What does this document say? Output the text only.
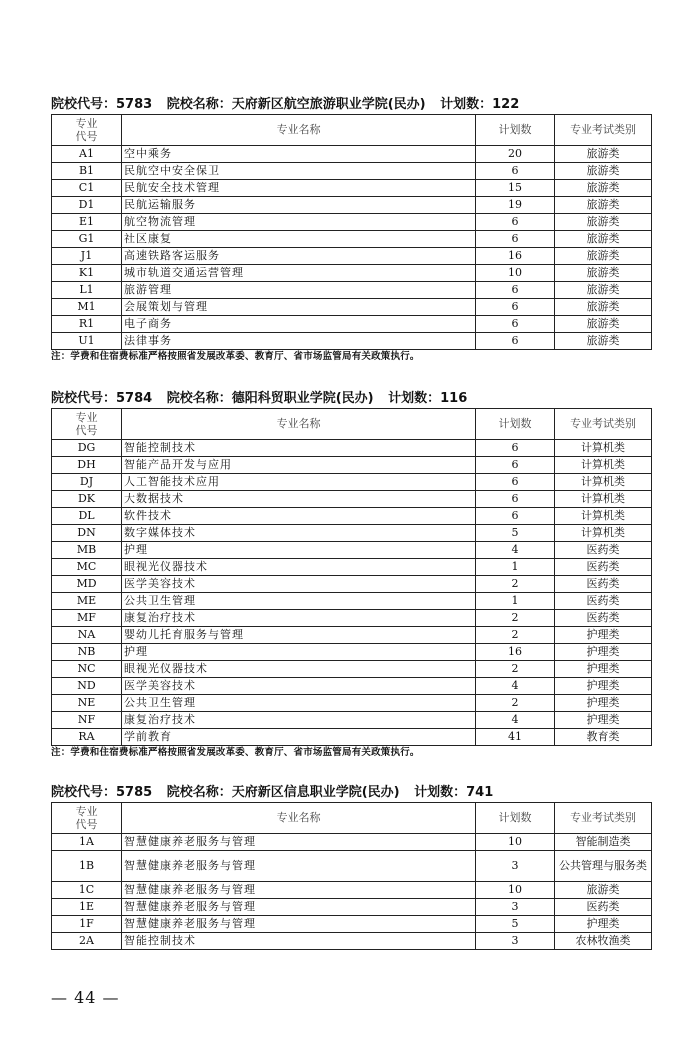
院校代号：5783 院校名称：天府新区航空旅游职业学院(民办) 计划数：122
专业
代号	专业名称	计划数	专业考试类别
A1	空中乘务	20	旅游类
B1	民航空中安全保卫	6	旅游类
C1	民航安全技术管理	15	旅游类
D1	民航运输服务	19	旅游类
E1	航空物流管理	6	旅游类
G1	社区康复	6	旅游类
J1	高速铁路客运服务	16	旅游类
K1	城市轨道交通运营管理	10	旅游类
L1	旅游管理	6	旅游类
M1	会展策划与管理	6	旅游类
R1	电子商务	6	旅游类
U1	法律事务	6	旅游类
注：学费和住宿费标准严格按照省发展改革委、教育厅、省市场监管局有关政策执行。
院校代号：5784 院校名称：德阳科贸职业学院(民办) 计划数：116
专业
代号	专业名称	计划数	专业考试类别
DG	智能控制技术	6	计算机类
DH	智能产品开发与应用	6	计算机类
DJ	人工智能技术应用	6	计算机类
DK	大数据技术	6	计算机类
DL	软件技术	6	计算机类
DN	数字媒体技术	5	计算机类
MB	护理	4	医药类
MC	眼视光仪器技术	1	医药类
MD	医学美容技术	2	医药类
ME	公共卫生管理	1	医药类
MF	康复治疗技术	2	医药类
NA	婴幼儿托育服务与管理	2	护理类
NB	护理	16	护理类
NC	眼视光仪器技术	2	护理类
ND	医学美容技术	4	护理类
NE	公共卫生管理	2	护理类
NF	康复治疗技术	4	护理类
RA	学前教育	41	教育类
注：学费和住宿费标准严格按照省发展改革委、教育厅、省市场监管局有关政策执行。
院校代号：5785 院校名称：天府新区信息职业学院(民办) 计划数：741
专业
代号	专业名称	计划数	专业考试类别
1A	智慧健康养老服务与管理	10	智能制造类
1B	智慧健康养老服务与管理	3	公共管理与服务类
1C	智慧健康养老服务与管理	10	旅游类
1E	智慧健康养老服务与管理	3	医药类
1F	智慧健康养老服务与管理	5	护理类
2A	智能控制技术	3	农林牧渔类
— 44 —
